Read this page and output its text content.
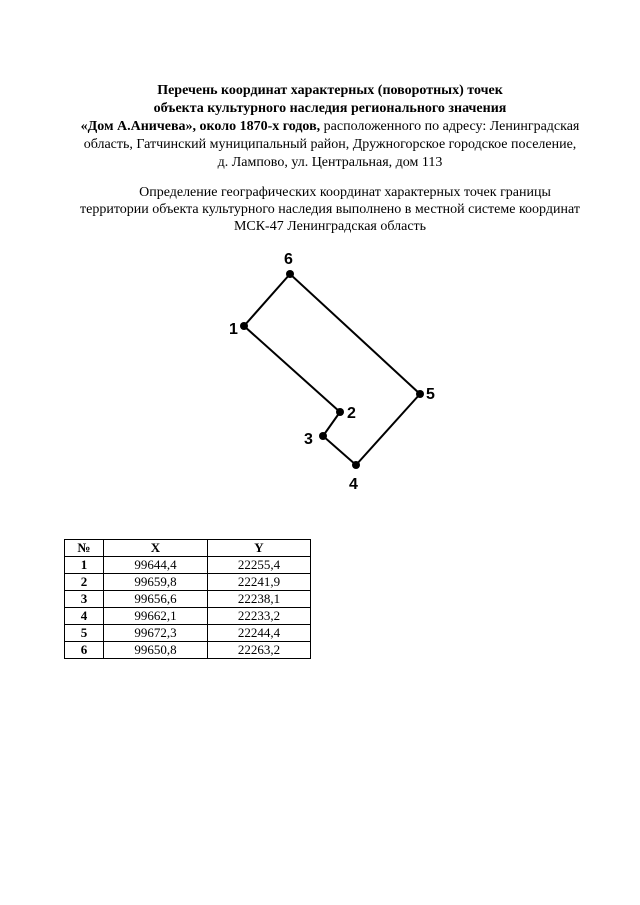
Перечень координат характерных (поворотных) точек
объекта культурного наследия регионального значения
«Дом А.Аничева», около 1870-х годов, расположенного по адресу: Ленинградская
область, Гатчинский муниципальный район, Дружногорское городское поселение,
д. Лампово, ул. Центральная, дом 113
Определение географических координат характерных точек границы
территории объекта культурного наследия выполнено в местной системе координат
МСК-47 Ленинградская область
1
2
3
4
5
6
№	X	Y
1	99644,4	22255,4
2	99659,8	22241,9
3	99656,6	22238,1
4	99662,1	22233,2
5	99672,3	22244,4
6	99650,8	22263,2
